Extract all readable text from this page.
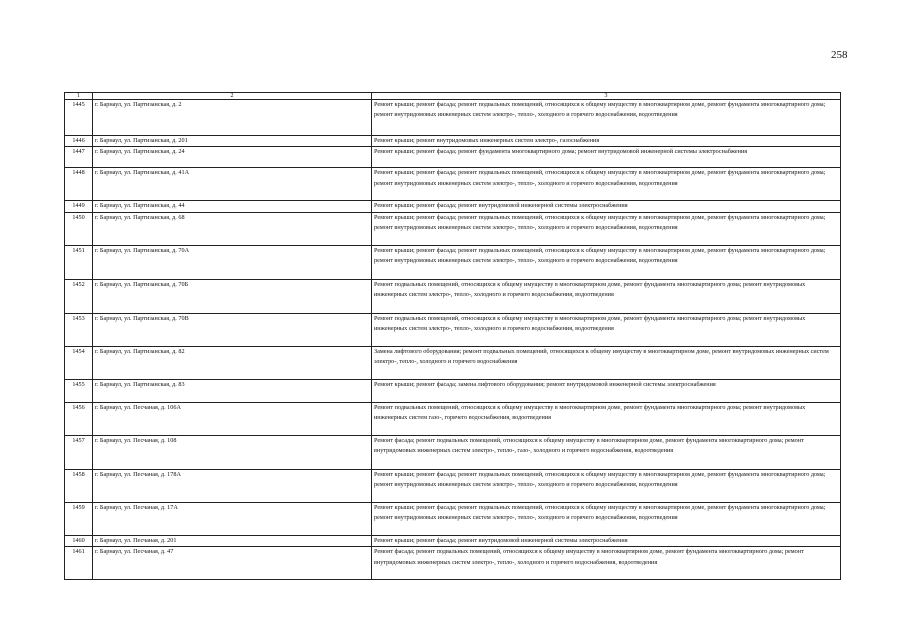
258
1	2	3
1445	г. Барнаул, ул. Партизанская, д. 2	Ремонт крыши; ремонт фасада; ремонт подвальных помещений, относящихся к общему имуществу в многоквартирном доме, ремонт фундамента многоквартирного дома; ремонт внутридомовых инженерных систем электро-, тепло-, холодного и горячего водоснабжения, водоотведения
1446	г. Барнаул, ул. Партизанская, д. 201	Ремонт крыши; ремонт внутридомовых инженерных систем электро-, газоснабжения
1447	г. Барнаул, ул. Партизанская, д. 24	Ремонт крыши; ремонт фасада; ремонт фундамента многоквартирного дома; ремонт внутридомовой инженерной системы электроснабжения
1448	г. Барнаул, ул. Партизанская, д. 41А	Ремонт крыши; ремонт фасада; ремонт подвальных помещений, относящихся к общему имуществу в многоквартирном доме, ремонт фундамента многоквартирного дома; ремонт внутридомовых инженерных систем электро-, тепло-, холодного и горячего водоснабжения, водоотведения
1449	г. Барнаул, ул. Партизанская, д. 44	Ремонт крыши; ремонт фасада; ремонт внутридомовой инженерной системы электроснабжения
1450	г. Барнаул, ул. Партизанская, д. 68	Ремонт крыши; ремонт фасада; ремонт подвальных помещений, относящихся к общему имуществу в многоквартирном доме, ремонт фундамента многоквартирного дома; ремонт внутридомовых инженерных систем электро-, тепло-, холодного и горячего водоснабжения, водоотведения
1451	г. Барнаул, ул. Партизанская, д. 70А	Ремонт крыши; ремонт фасада; ремонт подвальных помещений, относящихся к общему имуществу в многоквартирном доме, ремонт фундамента многоквартирного дома; ремонт внутридомовых инженерных систем электро-, тепло-, холодного и горячего водоснабжения, водоотведения
1452	г. Барнаул, ул. Партизанская, д. 70Б	Ремонт подвальных помещений, относящихся к общему имуществу в многоквартирном доме, ремонт фундамента многоквартирного дома; ремонт внутридомовых инженерных систем электро-, тепло-, холодного и горячего водоснабжения, водоотведения
1453	г. Барнаул, ул. Партизанская, д. 70В	Ремонт подвальных помещений, относящихся к общему имуществу в многоквартирном доме, ремонт фундамента многоквартирного дома; ремонт внутридомовых инженерных систем электро-, тепло-, холодного и горячего водоснабжения, водоотведения
1454	г. Барнаул, ул. Партизанская, д. 82	Замена лифтового оборудования; ремонт подвальных помещений, относящихся к общему имуществу в многоквартирном доме, ремонт внутридомовых инженерных систем электро-, тепло-, холодного и горячего водоснабжения
1455	г. Барнаул, ул. Партизанская, д. 83	Ремонт крыши; ремонт фасада; замена лифтового оборудования; ремонт внутридомовой инженерной системы электроснабжения
1456	г. Барнаул, ул. Песчаная, д. 106А	Ремонт подвальных помещений, относящихся к общему имуществу в многоквартирном доме, ремонт фундамента многоквартирного дома; ремонт внутридомовых инженерных систем газо-, горячего водоснабжения, водоотведения
1457	г. Барнаул, ул. Песчаная, д. 108	Ремонт фасада; ремонт подвальных помещений, относящихся к общему имуществу в многоквартирном доме, ремонт фундамента многоквартирного дома; ремонт внутридомовых инженерных систем электро-, тепло-, газо-, холодного и горячего водоснабжения, водоотведения
1458	г. Барнаул, ул. Песчаная, д. 178А	Ремонт крыши; ремонт фасада; ремонт подвальных помещений, относящихся к общему имуществу в многоквартирном доме, ремонт фундамента многоквартирного дома; ремонт внутридомовых инженерных систем электро-, тепло-, холодного и горячего водоснабжения, водоотведения
1459	г. Барнаул, ул. Песчаная, д. 17А	Ремонт крыши; ремонт фасада; ремонт подвальных помещений, относящихся к общему имуществу в многоквартирном доме, ремонт фундамента многоквартирного дома; ремонт внутридомовых инженерных систем электро-, тепло-, холодного и горячего водоснабжения, водоотведения
1460	г. Барнаул, ул. Песчаная, д. 201	Ремонт крыши; ремонт фасада; ремонт внутридомовой инженерной системы электроснабжения
1461	г. Барнаул, ул. Песчаная, д. 47	Ремонт фасада; ремонт подвальных помещений, относящихся к общему имуществу в многоквартирном доме, ремонт фундамента многоквартирного дома; ремонт внутридомовых инженерных систем электро-, тепло-, холодного и горячего водоснабжения, водоотведения
